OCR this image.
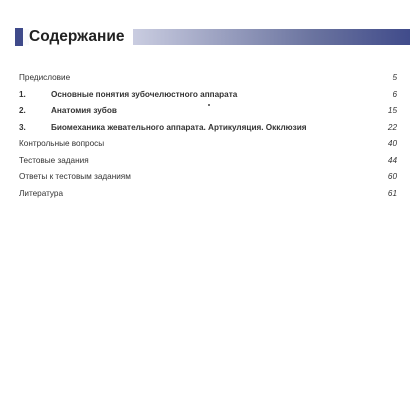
Содержание
Предисловие	5
1.	Основные понятия зубочелюстного аппарата	6
2.	Анатомия зубов	15
3.	Биомеханика жевательного аппарата. Артикуляция. Окклюзия	22
Контрольные вопросы	40
Тестовые задания	44
Ответы к тестовым заданиям	60
Литература	61
